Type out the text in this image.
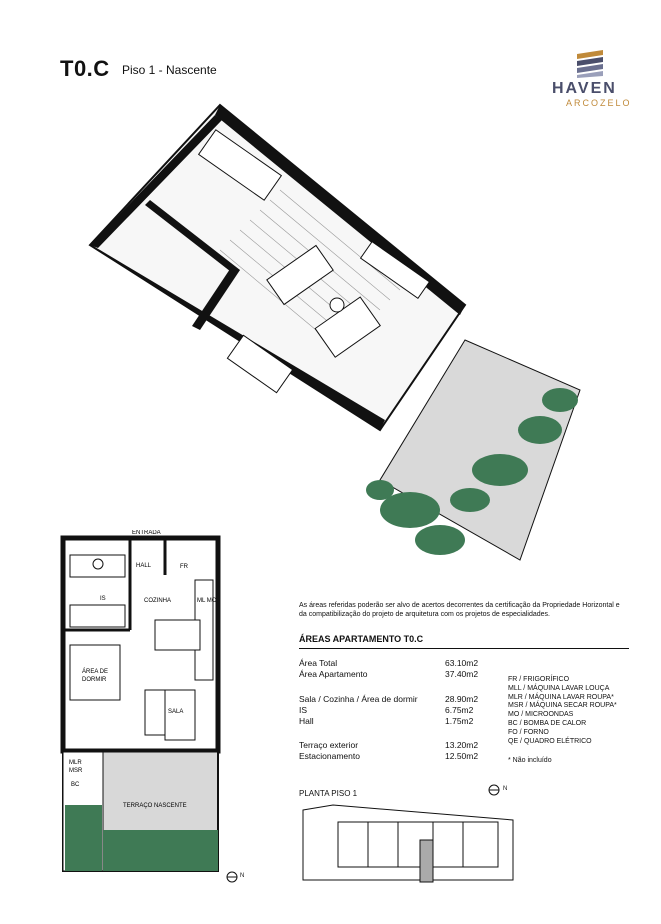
T0.C Piso 1 - Nascente
HAVEN
ARCOZELO
ENTRADA
HALL
IS	COZINHA
FR
ML MO
ÁREA DE
DORMIR
SALA
MLR
MSR
BC
TERRAÇO NASCENTE
N
As áreas referidas poderão ser alvo de acertos decorrentes da certificação da Propriedade Horizontal e da compatibilização do projeto de arquitetura com os projetos de especialidades.
ÁREAS APARTAMENTO T0.C
Área Total	63.10m2
Área Apartamento	37.40m2
Sala / Cozinha / Área de dormir	28.90m2
IS	6.75m2
Hall	1.75m2
Terraço exterior	13.20m2
Estacionamento	12.50m2
FR / FRIGORÍFICO
MLL / MÁQUINA LAVAR LOUÇA
MLR / MÁQUINA LAVAR ROUPA*
MSR / MÁQUINA SECAR ROUPA*
MO / MICROONDAS
BC / BOMBA DE CALOR
FO / FORNO
QE / QUADRO ELÉTRICO
* Não incluído
PLANTA PISO 1	N
